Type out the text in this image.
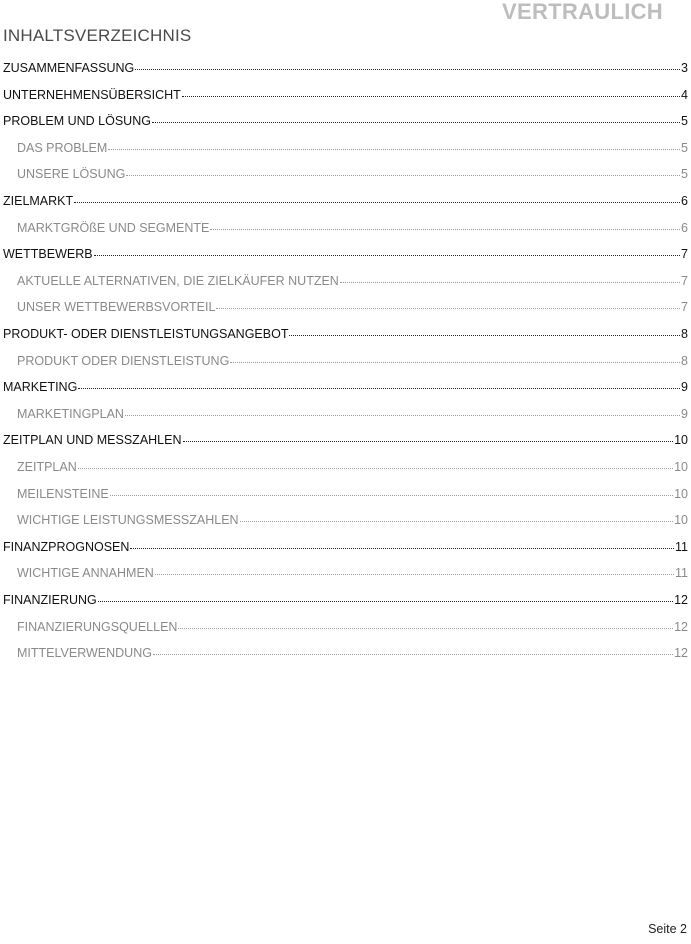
VERTRAULICH
INHALTSVERZEICHNIS
ZUSAMMENFASSUNG	3
UNTERNEHMENSÜBERSICHT	4
PROBLEM UND LÖSUNG	5
DAS PROBLEM	5
UNSERE LÖSUNG	5
ZIELMARKT	6
MARKTGRÖßE UND SEGMENTE	6
WETTBEWERB	7
AKTUELLE ALTERNATIVEN, DIE ZIELKÄUFER NUTZEN	7
UNSER WETTBEWERBSVORTEIL	7
PRODUKT- ODER DIENSTLEISTUNGSANGEBOT	8
PRODUKT ODER DIENSTLEISTUNG	8
MARKETING	9
MARKETINGPLAN	9
ZEITPLAN UND MESSZAHLEN	10
ZEITPLAN	10
MEILENSTEINE	10
WICHTIGE LEISTUNGSMESSZAHLEN	10
FINANZPROGNOSEN	11
WICHTIGE ANNAHMEN	11
FINANZIERUNG	12
FINANZIERUNGSQUELLEN	12
MITTELVERWENDUNG	12
Seite 2
